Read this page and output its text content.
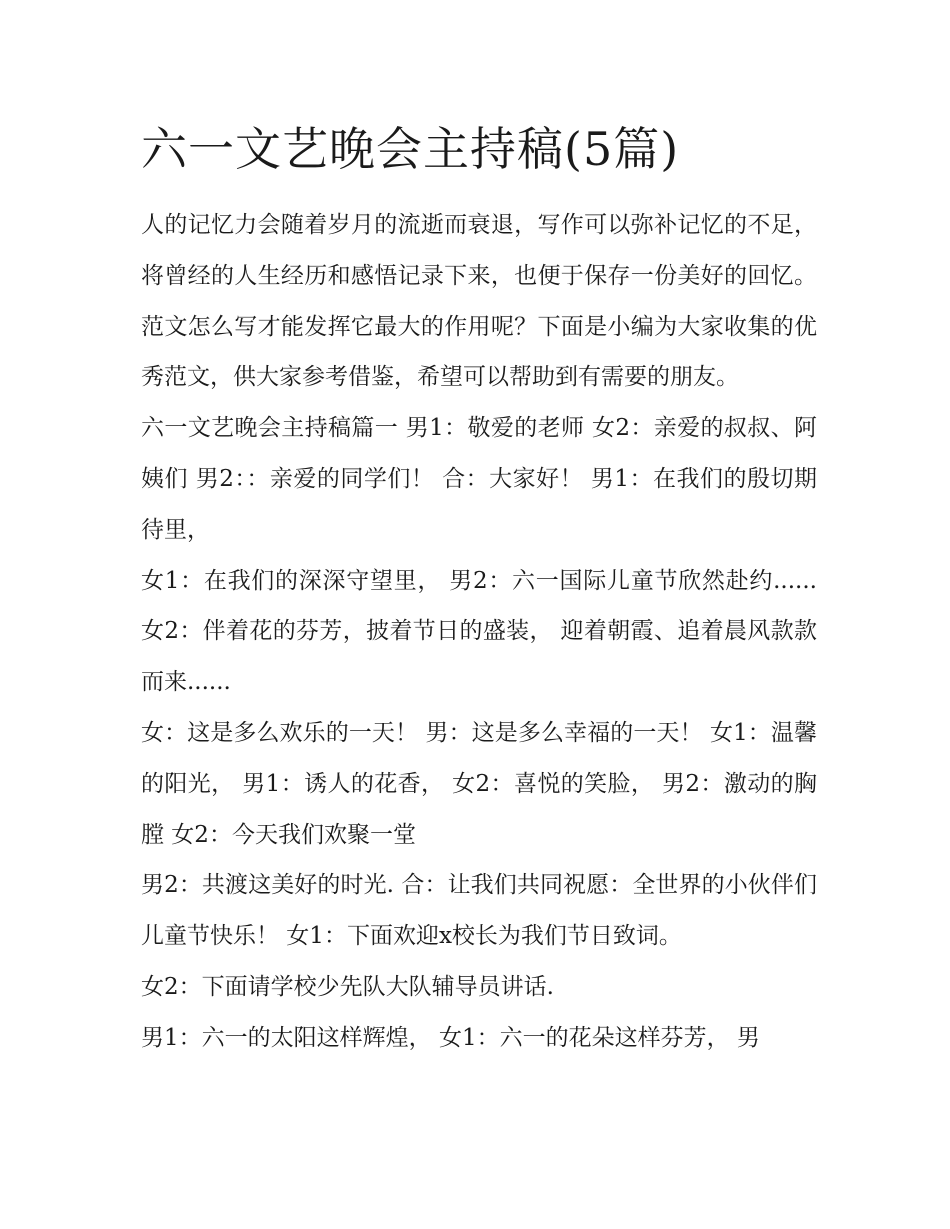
六一文艺晚会主持稿(5篇)

人的记忆力会随着岁月的流逝而衰退，写作可以弥补记忆的不足，将曾经的人生经历和感悟记录下来，也便于保存一份美好的回忆。范文怎么写才能发挥它最大的作用呢？下面是小编为大家收集的优秀范文，供大家参考借鉴，希望可以帮助到有需要的朋友。

六一文艺晚会主持稿篇一 男1：敬爱的老师 女2：亲爱的叔叔、阿姨们 男2：：亲爱的同学们！ 合：大家好！ 男1：在我们的殷切期待里，

女1：在我们的深深守望里， 男2：六一国际儿童节欣然赴约...... 女2：伴着花的芬芳，披着节日的盛装， 迎着朝霞、追着晨风款款而来......

女：这是多么欢乐的一天！ 男：这是多么幸福的一天！ 女1：温馨的阳光， 男1：诱人的花香， 女2：喜悦的笑脸， 男2：激动的胸膛 女2：今天我们欢聚一堂

男2：共渡这美好的时光. 合：让我们共同祝愿：全世界的小伙伴们儿童节快乐！ 女1：下面欢迎x校长为我们节日致词。

女2：下面请学校少先队大队辅导员讲话.

男1：六一的太阳这样辉煌， 女1：六一的花朵这样芬芳， 男
